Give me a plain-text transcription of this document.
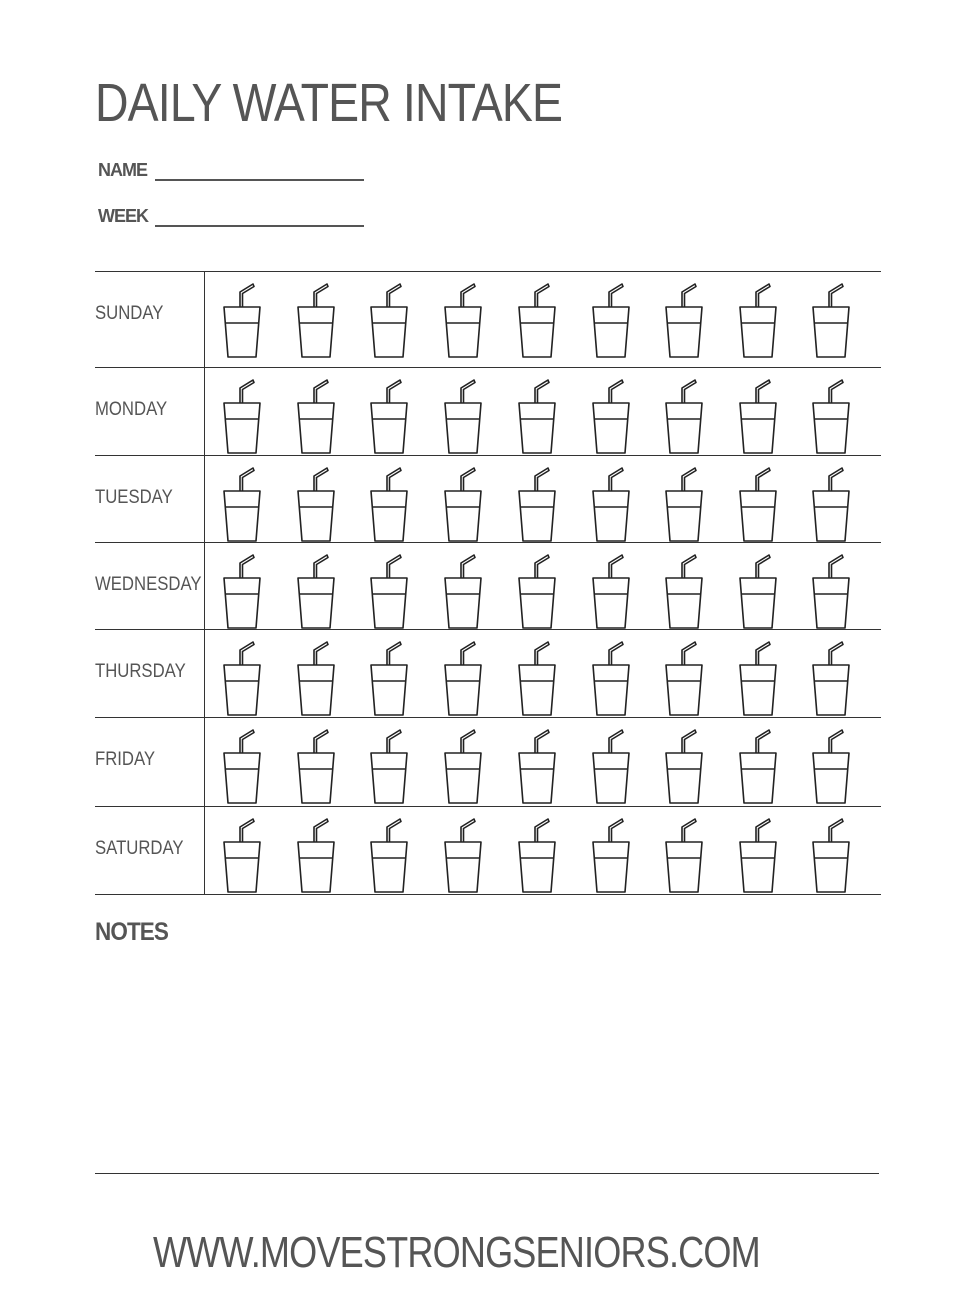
DAILY WATER INTAKE
NAME
WEEK
SUNDAY
MONDAY
TUESDAY
WEDNESDAY
THURSDAY
FRIDAY
SATURDAY
NOTES
WWW.MOVESTRONGSENIORS.COM
